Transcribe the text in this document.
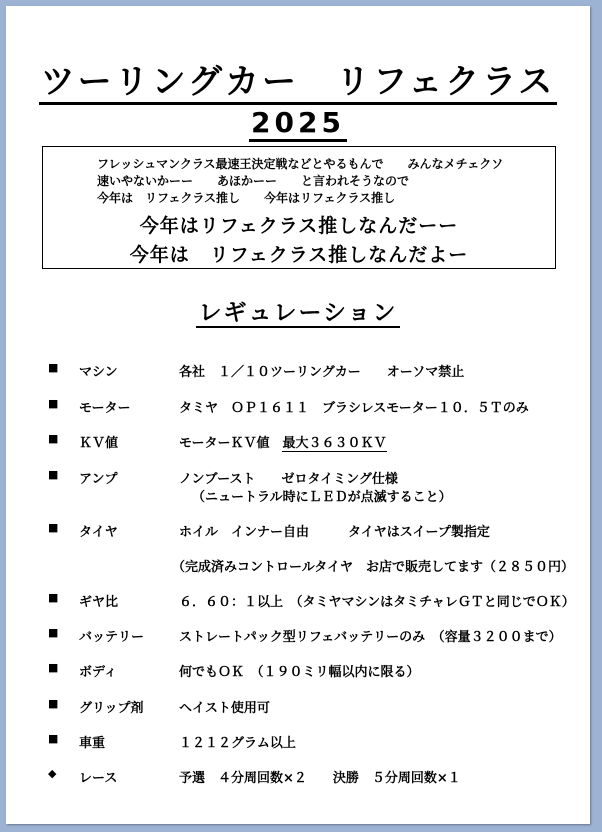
ツーリングカー　リフェクラス
2025
フレッシュマンクラス最速王決定戦などとやるもんで　　みんなメチェクソ
速いやないかーー　　あほかーー　　と言われそうなので
今年は　リフェクラス推し　　今年はリフェクラス推し
今年はリフェクラス推しなんだーー
今年は　リフェクラス推しなんだよー
レギュレーション
■ マシン	各社　１／１０ツーリングカー　　オーソマ禁止
■ モーター	タミヤ　ＯＰ１６１１　ブラシレスモーター１０．５Ｔのみ
■ ＫＶ値	モーターＫＶ値　最大３６３０ＫＶ
■ アンプ	ノンブースト　　ゼロタイミング仕様
（ニュートラル時にＬＥＤが点滅すること）
■ タイヤ	ホイル　インナー自由　　　タイヤはスイープ製指定
（完成済みコントロールタイヤ　お店で販売してます（２８５０円）
■ ギヤ比	６．６０：１以上　（タミヤマシンはタミチャレＧＴと同じでＯＫ）
■ バッテリー	ストレートパック型リフェバッテリーのみ　（容量３２００まで）
■ ボディ	何でもＯＫ　（１９０ミリ幅以内に限る）
■ グリップ剤	ヘイスト使用可
■ 車重	１２１２グラム以上
◆ レース	予選　４分周回数×２　　決勝　５分周回数×１
